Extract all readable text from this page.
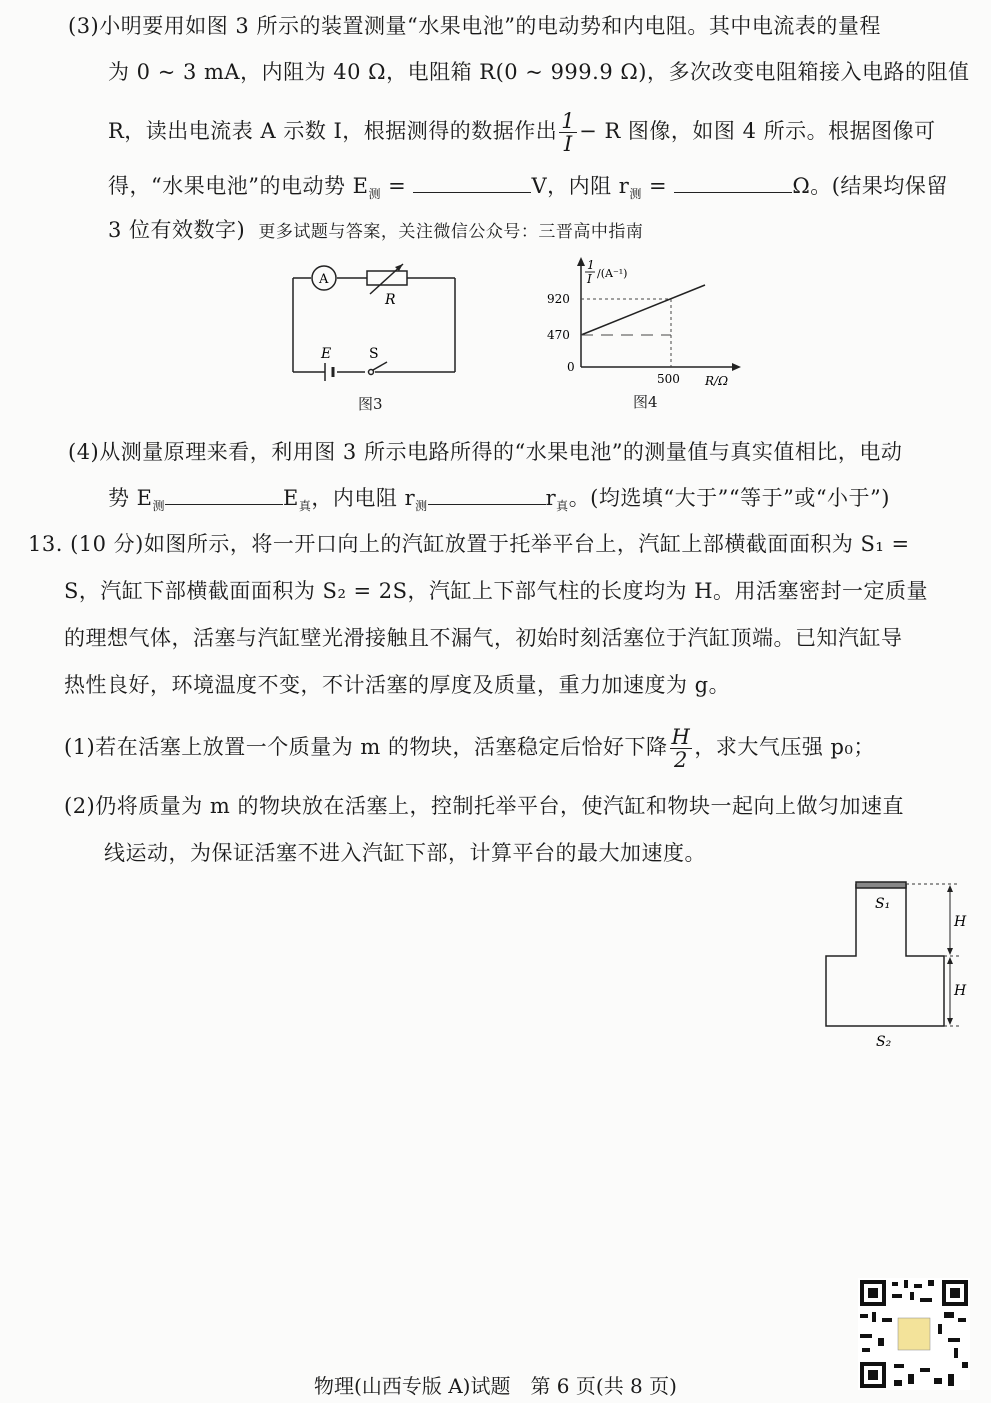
(3)小明要用如图 3 所示的装置测量“水果电池”的电动势和内电阻。其中电流表的量程
为 0 ~ 3 mA，内阻为 40 Ω，电阻箱 R(0 ~ 999.9 Ω)，多次改变电阻箱接入电路的阻值
R，读出电流表 A 示数 I，根据测得的数据作出 $\frac{1}{I} - R$ 图像，如图 4 所示。根据图像可
得，“水果电池”的电动势 $E_测$ =	V，内阻 $r_测$ =	Ω。(结果均保留
3 位有效数字) 更多试题与答案，关注微信公众号：三晋高中指南
A
R
E	S
图3
1
I /(A⁻¹)
920
470
0
500 R/Ω
图4
(4)从测量原理来看，利用图 3 所示电路所得的“水果电池”的测量值与真实值相比，电动
势 $E_测$	$E_真$，内电阻 $r_测$	$r_真$。(均选填“大于”“等于”或“小于”)
13. (10 分)如图所示，将一开口向上的汽缸放置于托举平台上，汽缸上部横截面面积为 S₁ =
S，汽缸下部横截面面积为 S₂ = 2S，汽缸上下部气柱的长度均为 H。用活塞密封一定质量
的理想气体，活塞与汽缸壁光滑接触且不漏气，初始时刻活塞位于汽缸顶端。已知汽缸导
热性良好，环境温度不变，不计活塞的厚度及质量，重力加速度为 g。
(1)若在活塞上放置一个质量为 m 的物块，活塞稳定后恰好下降 $\frac{H}{2}$ ，求大气压强 p₀；
(2)仍将质量为 m 的物块放在活塞上，控制托举平台，使汽缸和物块一起向上做匀加速直
线运动，为保证活塞不进入汽缸下部，计算平台的最大加速度。
S₁
S₂
H
H
物理(山西专版 A)试题　第 6 页(共 8 页)
